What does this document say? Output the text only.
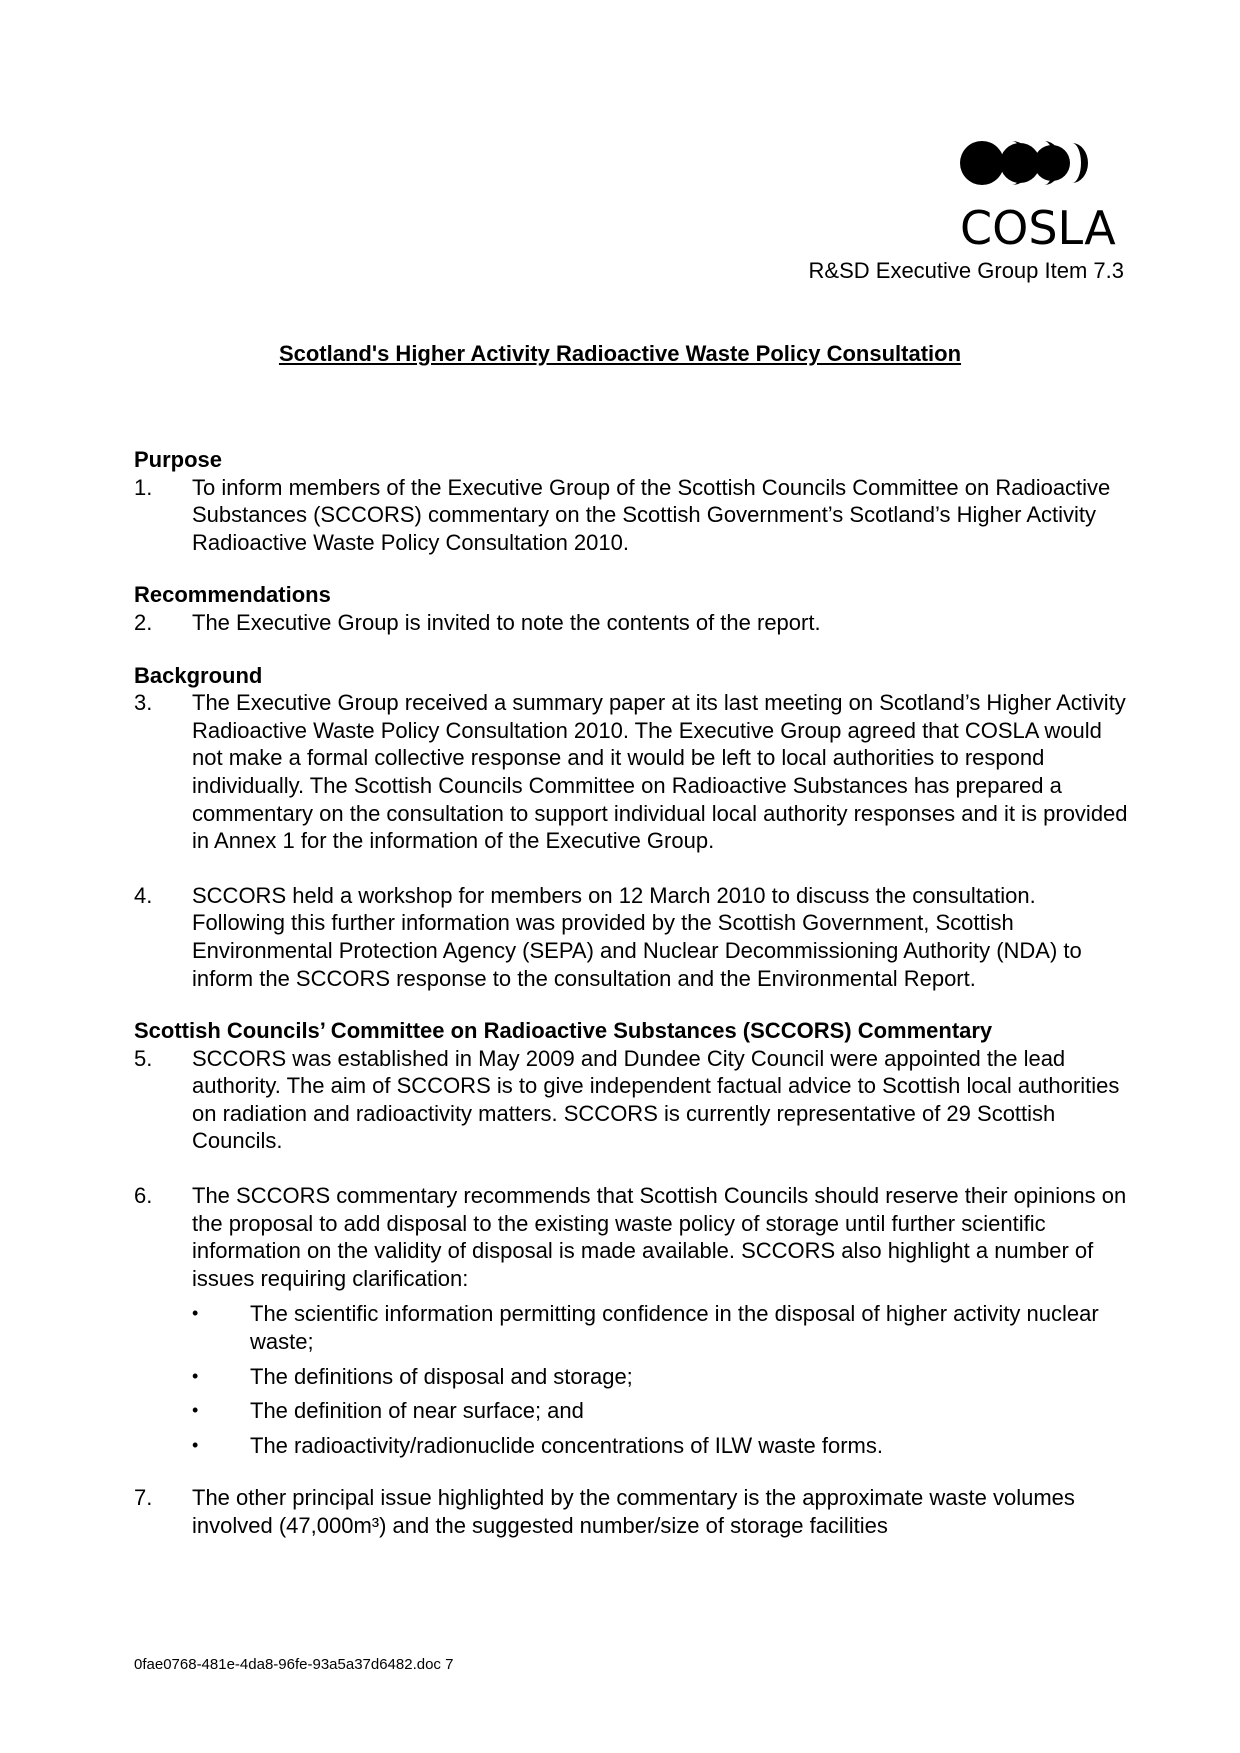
COSLA
R&SD Executive Group Item 7.3
Scotland's Higher Activity Radioactive Waste Policy Consultation
Purpose
1.	To inform members of the Executive Group of the Scottish Councils Committee on Radioactive Substances (SCCORS) commentary on the Scottish Government’s Scotland’s Higher Activity Radioactive Waste Policy Consultation 2010.
Recommendations
2.	The Executive Group is invited to note the contents of the report.
Background
3.	The Executive Group received a summary paper at its last meeting on Scotland’s Higher Activity Radioactive Waste Policy Consultation 2010. The Executive Group agreed that COSLA would not make a formal collective response and it would be left to local authorities to respond individually. The Scottish Councils Committee on Radioactive Substances has prepared a commentary on the consultation to support individual local authority responses and it is provided in Annex 1 for the information of the Executive Group.
4.	SCCORS held a workshop for members on 12 March 2010 to discuss the consultation. Following this further information was provided by the Scottish Government, Scottish Environmental Protection Agency (SEPA) and Nuclear Decommissioning Authority (NDA) to inform the SCCORS response to the consultation and the Environmental Report.
Scottish Councils’ Committee on Radioactive Substances (SCCORS) Commentary
5.	SCCORS was established in May 2009 and Dundee City Council were appointed the lead authority. The aim of SCCORS is to give independent factual advice to Scottish local authorities on radiation and radioactivity matters. SCCORS is currently representative of 29 Scottish Councils.
6.	The SCCORS commentary recommends that Scottish Councils should reserve their opinions on the proposal to add disposal to the existing waste policy of storage until further scientific information on the validity of disposal is made available. SCCORS also highlight a number of issues requiring clarification:
•	The scientific information permitting confidence in the disposal of higher activity nuclear waste;
•	The definitions of disposal and storage;
•	The definition of near surface; and
•	The radioactivity/radionuclide concentrations of ILW waste forms.
7.	The other principal issue highlighted by the commentary is the approximate waste volumes involved (47,000m³) and the suggested number/size of storage facilities
0fae0768-481e-4da8-96fe-93a5a37d6482.doc 7
